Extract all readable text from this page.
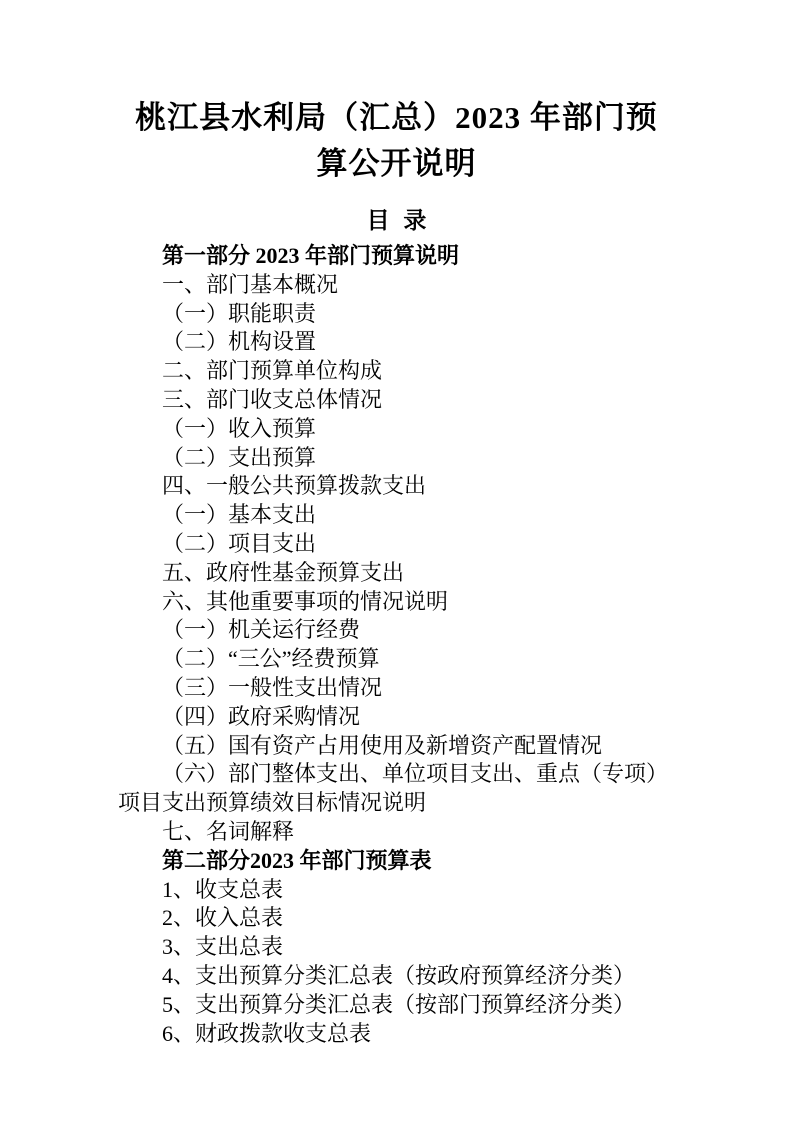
桃江县水利局（汇总）2023 年部门预
算公开说明
目 录

第一部分 2023 年部门预算说明

一、部门基本概况

（一）职能职责

（二）机构设置

二、部门预算单位构成

三、部门收支总体情况

（一）收入预算

（二）支出预算

四、一般公共预算拨款支出

（一）基本支出

（二）项目支出

五、政府性基金预算支出

六、其他重要事项的情况说明

（一）机关运行经费

（二）“三公”经费预算

（三）一般性支出情况

（四）政府采购情况

（五）国有资产占用使用及新增资产配置情况

（六）部门整体支出、单位项目支出、重点（专项）项目支出预算绩效目标情况说明

七、名词解释

第二部分2023 年部门预算表

1、收支总表

2、收入总表

3、支出总表

4、支出预算分类汇总表（按政府预算经济分类）

5、支出预算分类汇总表（按部门预算经济分类）

6、财政拨款收支总表
